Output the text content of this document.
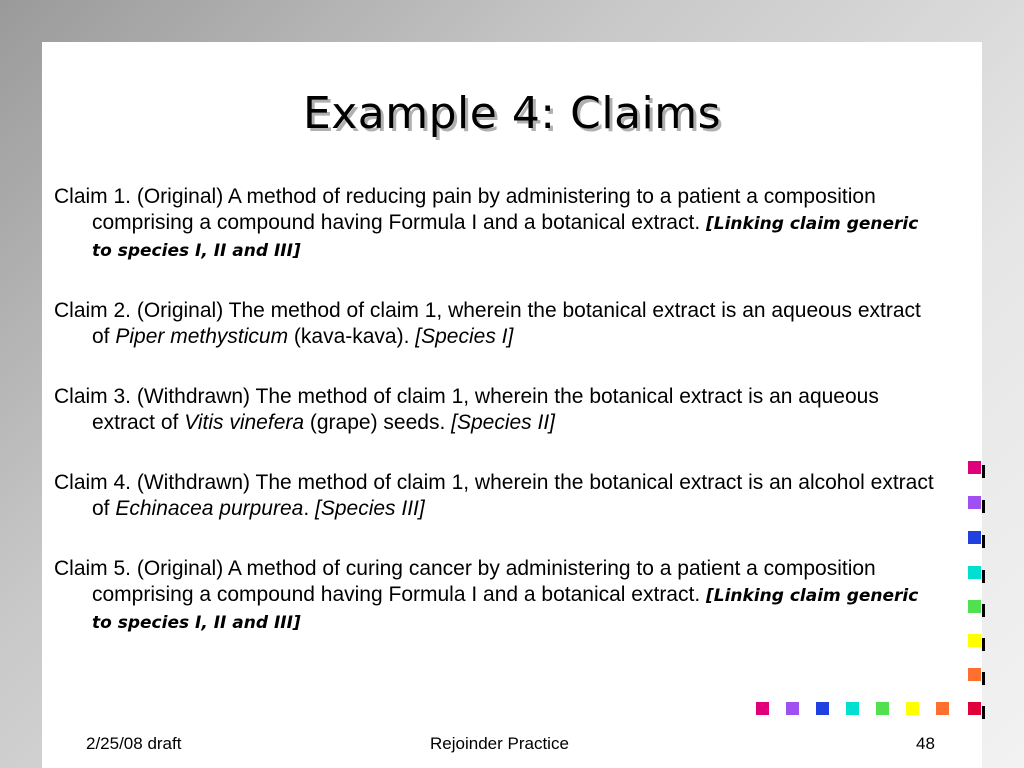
Example 4: Claims

Claim 1. (Original) A method of reducing pain by administering to a patient a composition comprising a compound having Formula I and a botanical extract. [Linking claim generic to species I, II and III]

Claim 2. (Original) The method of claim 1, wherein the botanical extract is an aqueous extract of Piper methysticum (kava-kava). [Species I]

Claim 3. (Withdrawn) The method of claim 1, wherein the botanical extract is an aqueous extract of Vitis vinefera (grape) seeds. [Species II]

Claim 4. (Withdrawn) The method of claim 1, wherein the botanical extract is an alcohol extract of Echinacea purpurea. [Species III]

Claim 5. (Original) A method of curing cancer by administering to a patient a composition comprising a compound having Formula I and a botanical extract. [Linking claim generic to species I, II and III]

2/25/08 draft	Rejoinder Practice	48
